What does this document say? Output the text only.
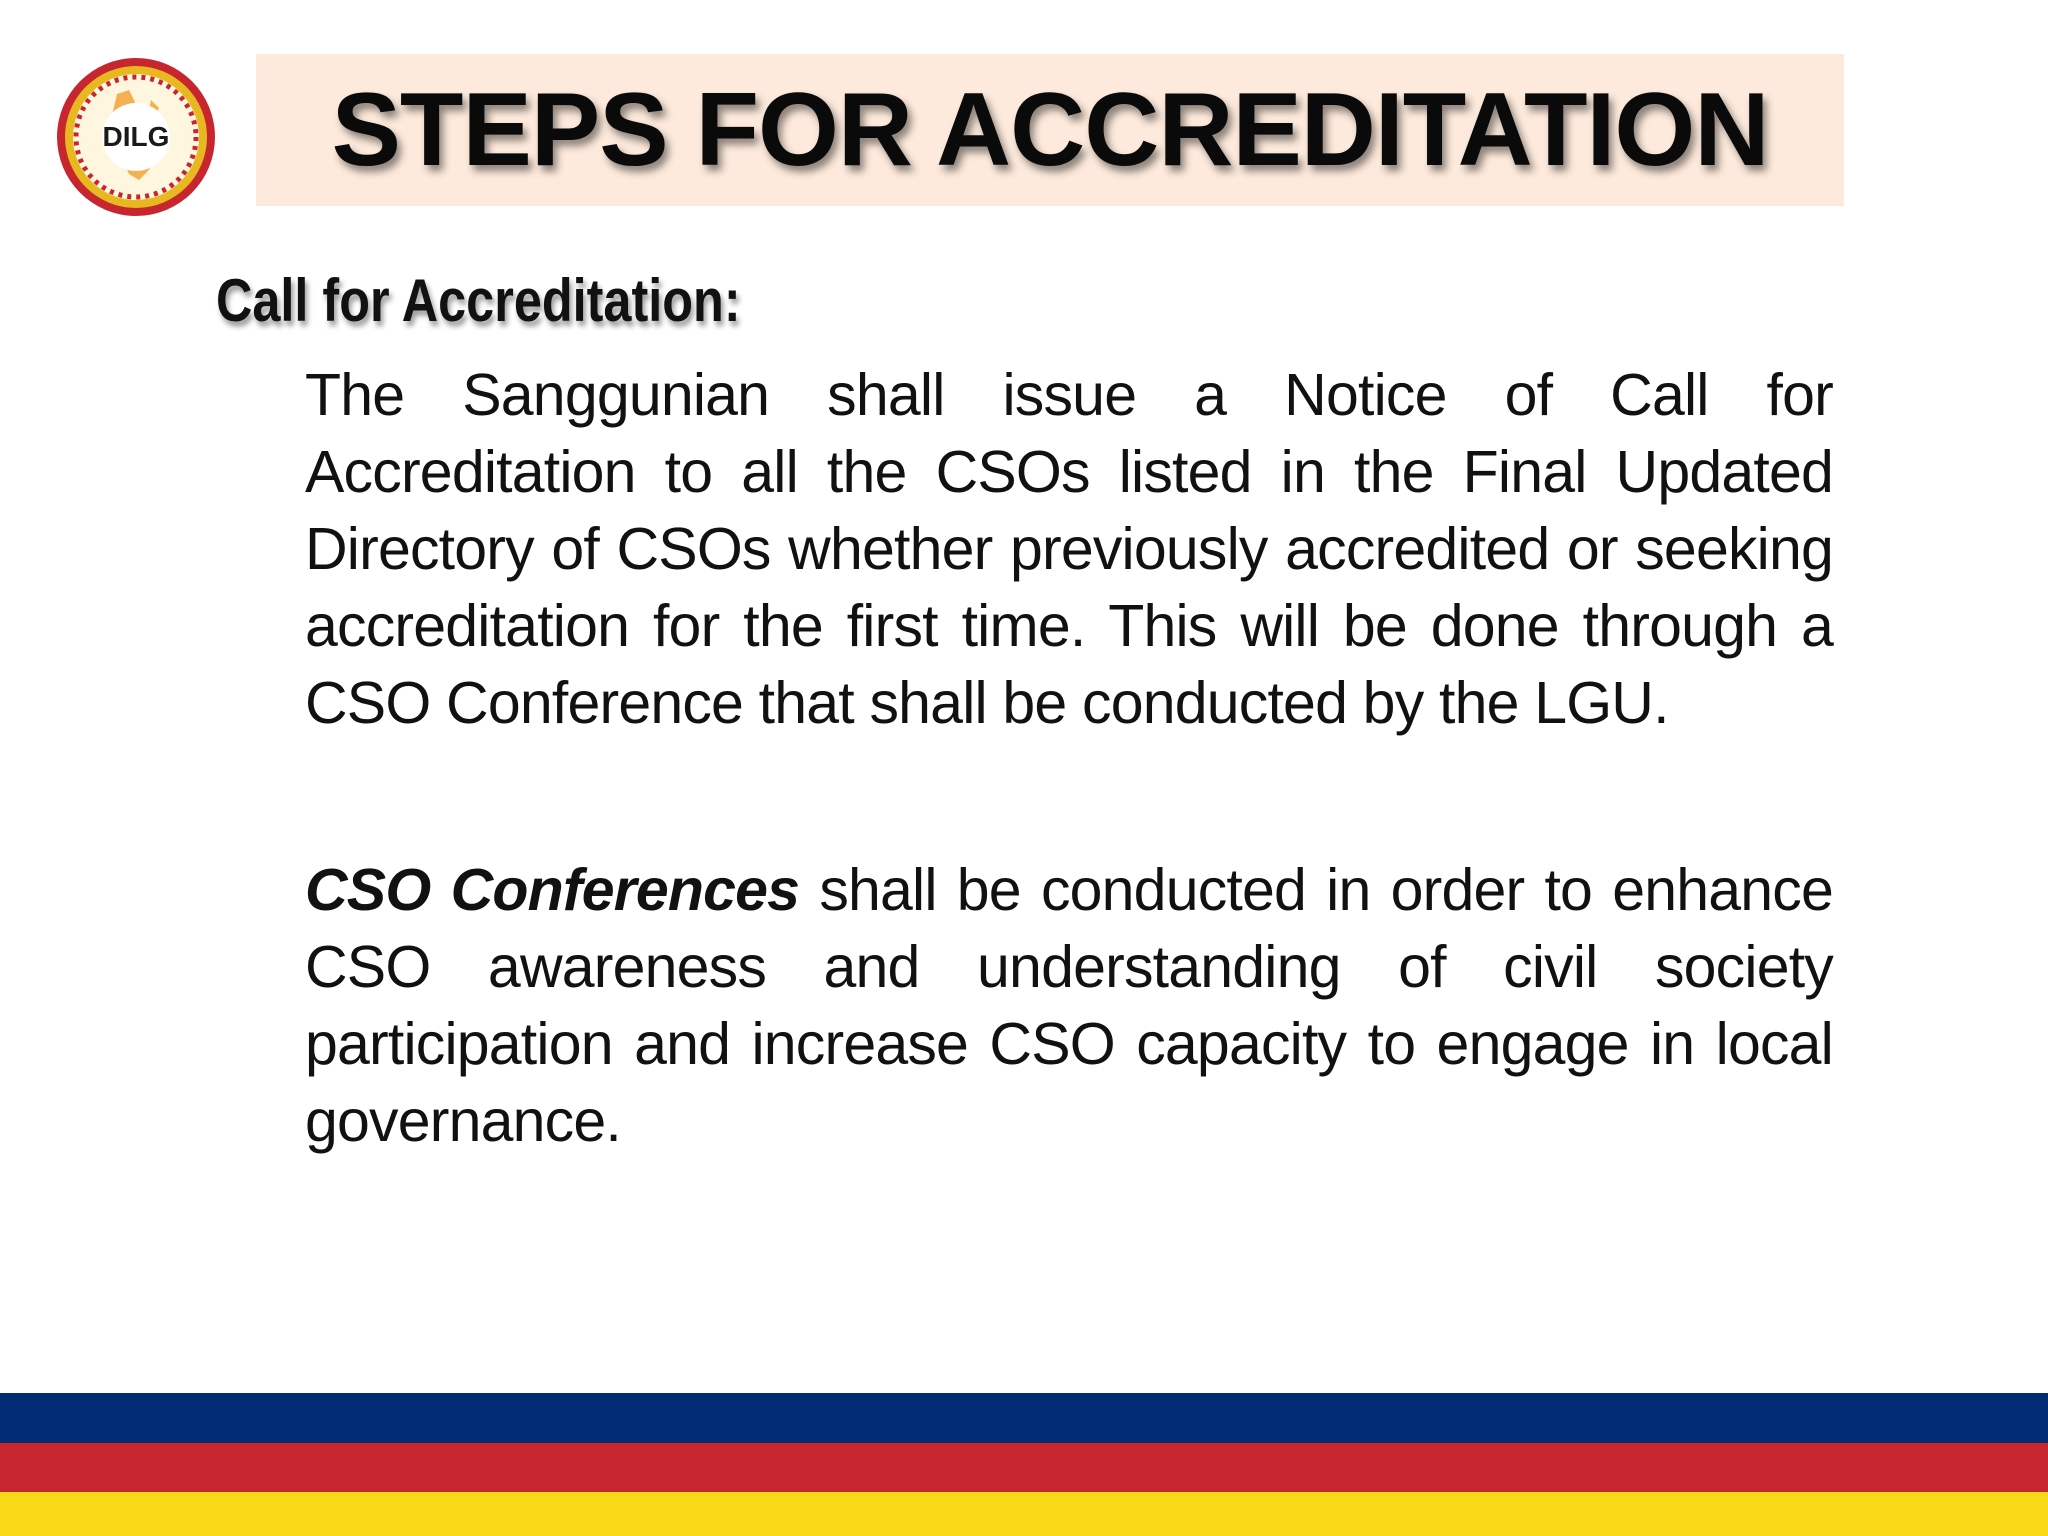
DILG	STEPS FOR ACCREDITATION
Call for Accreditation:
The Sanggunian shall issue a Notice of Call for Accreditation to all the CSOs listed in the Final Updated Directory of CSOs whether previously accredited or seeking accreditation for the first time. This will be done through a CSO Conference that shall be conducted by the LGU.
CSO Conferences shall be conducted in order to enhance CSO awareness and understanding of civil society participation and increase CSO capacity to engage in local governance.
